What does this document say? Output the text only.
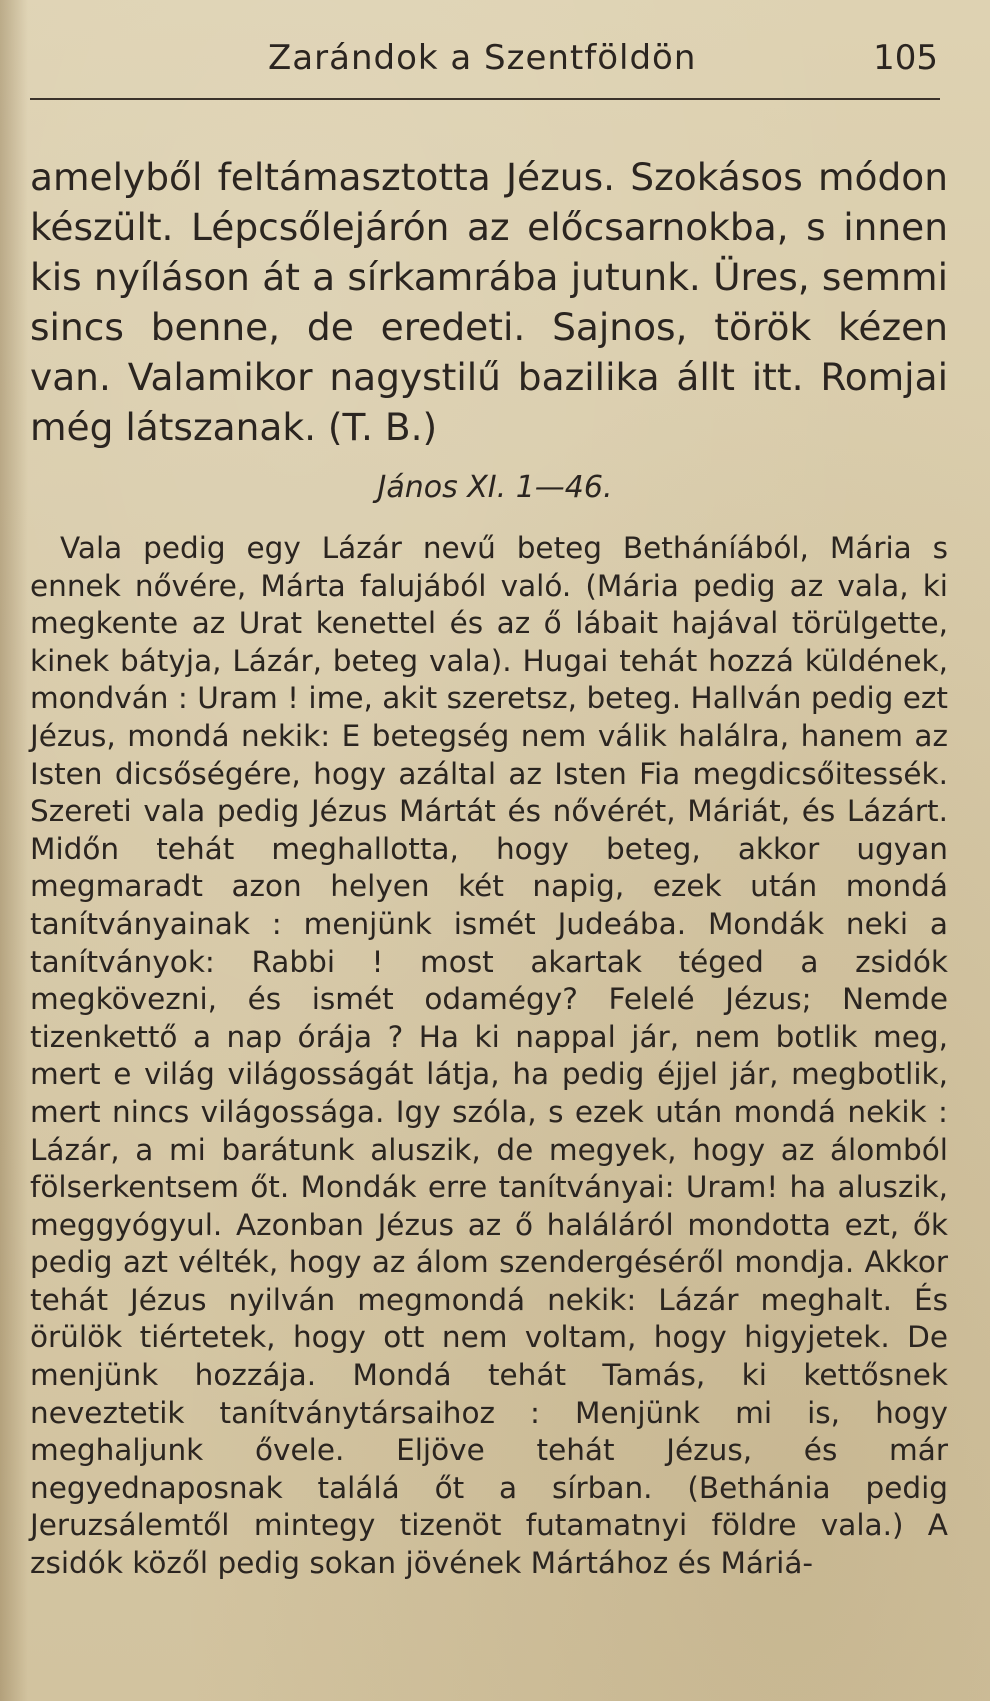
Zarándok a Szentföldön	105

amelyből feltámasztotta Jézus. Szokásos módon készült. Lépcsőlejárón az előcsarnokba, s innen kis nyíláson át a sírkamrába jutunk. Üres, semmi sincs benne, de eredeti. Sajnos, török kézen van. Valamikor nagystilű bazilika állt itt. Romjai még látszanak. (T. B.)

János XI. 1—46.

Vala pedig egy Lázár nevű beteg Betháníából, Mária s ennek nővére, Márta falujából való. (Mária pedig az vala, ki megkente az Urat kenettel és az ő lábait hajával törülgette, kinek bátyja, Lázár, beteg vala). Hugai tehát hozzá küldének, mondván : Uram ! ime, akit szeretsz, beteg. Hallván pedig ezt Jézus, mondá nekik: E betegség nem válik halálra, hanem az Isten dicsőségére, hogy azáltal az Isten Fia megdicsőitessék. Szereti vala pedig Jézus Mártát és nővérét, Máriát, és Lázárt. Midőn tehát meghallotta, hogy beteg, akkor ugyan megmaradt azon helyen két napig, ezek után mondá tanítványainak : menjünk ismét Judeába. Mondák neki a tanítványok: Rabbi ! most akartak téged a zsidók megkövezni, és ismét odamégy? Felelé Jézus; Nemde tizenkettő a nap órája ? Ha ki nappal jár, nem botlik meg, mert e világ világosságát látja, ha pedig éjjel jár, megbotlik, mert nincs világossága. Igy szóla, s ezek után mondá nekik : Lázár, a mi barátunk aluszik, de megyek, hogy az álomból fölserkentsem őt. Mondák erre tanítványai: Uram! ha aluszik, meggyógyul. Azonban Jézus az ő haláláról mondotta ezt, ők pedig azt vélték, hogy az álom szendergéséről mondja. Akkor tehát Jézus nyilván megmondá nekik: Lázár meghalt. És örülök tiértetek, hogy ott nem voltam, hogy higyjetek. De menjünk hozzája. Mondá tehát Tamás, ki kettősnek neveztetik tanítványtársaihoz : Menjünk mi is, hogy meghaljunk ővele. Eljöve tehát Jézus, és már negyednaposnak találá őt a sírban. (Bethánia pedig Jeruzsálemtől mintegy tizenöt futamatnyi földre vala.) A zsidók közől pedig sokan jövének Mártához és Máriá-
